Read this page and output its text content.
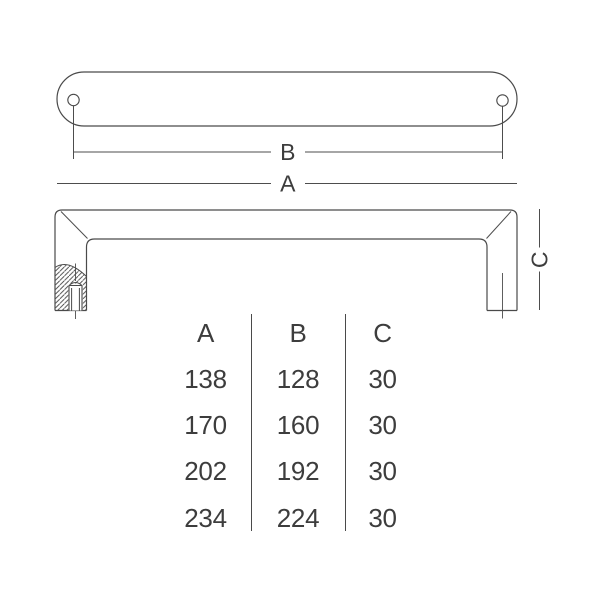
B
A
C
A	B	C
138	128	30
170	160	30
202	192	30
234	224	30
